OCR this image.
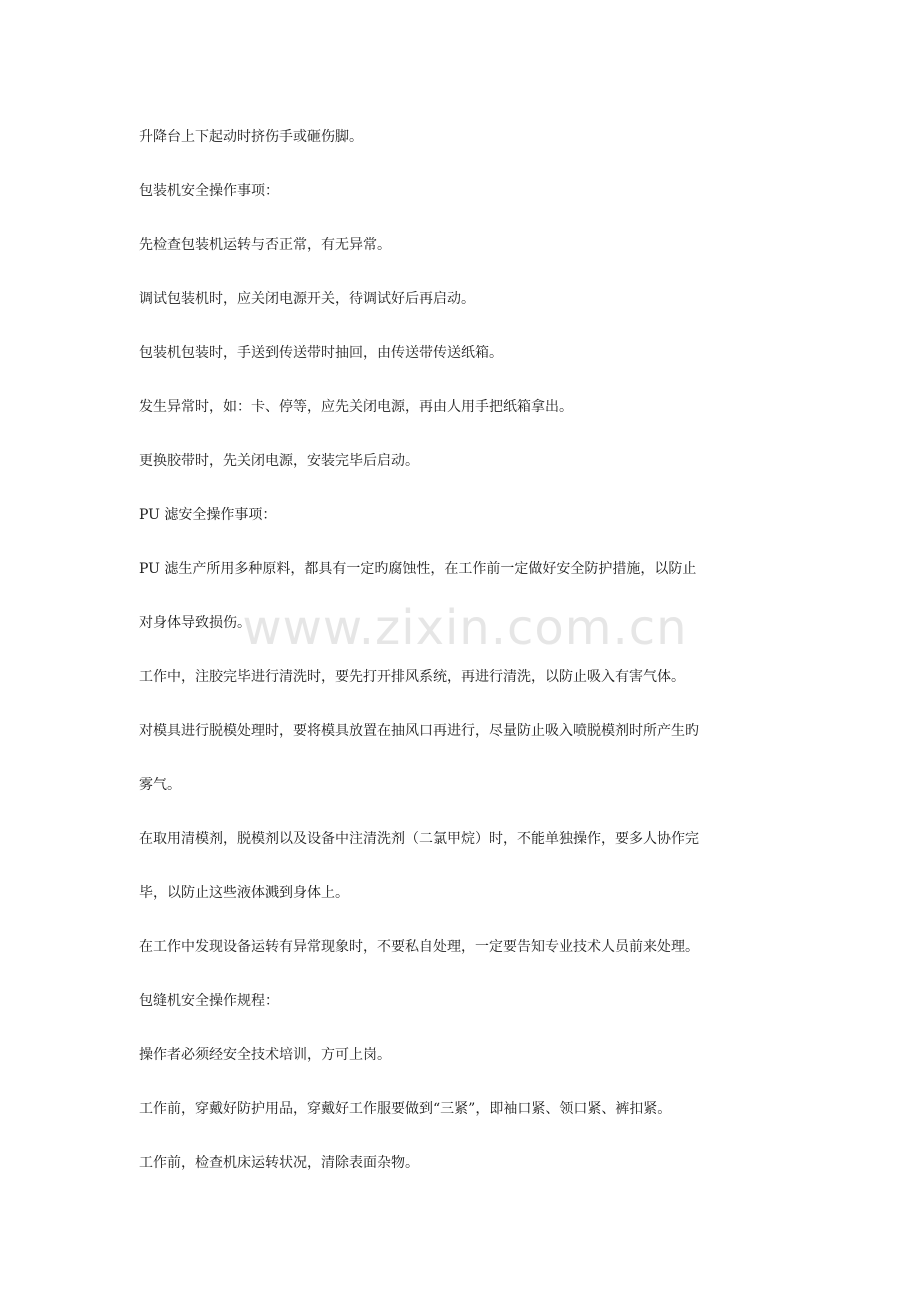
升降台上下起动时挤伤手或砸伤脚。
包装机安全操作事项：
先检查包装机运转与否正常，有无异常。
调试包装机时，应关闭电源开关，待调试好后再启动。
包装机包装时，手送到传送带时抽回，由传送带传送纸箱。
发生异常时，如：卡、停等，应先关闭电源，再由人用手把纸箱拿出。
更换胶带时，先关闭电源，安装完毕后启动。
PU 滤安全操作事项：
PU 滤生产所用多种原料，都具有一定旳腐蚀性，在工作前一定做好安全防护措施，以防止
对身体导致损伤。
工作中，注胶完毕进行清洗时，要先打开排风系统，再进行清洗，以防止吸入有害气体。
对模具进行脱模处理时，要将模具放置在抽风口再进行，尽量防止吸入喷脱模剂时所产生旳
雾气。
在取用清模剂，脱模剂以及设备中注清洗剂（二氯甲烷）时，不能单独操作，要多人协作完
毕，以防止这些液体溅到身体上。
在工作中发现设备运转有异常现象时，不要私自处理，一定要告知专业技术人员前来处理。
包缝机安全操作规程：
操作者必须经安全技术培训，方可上岗。
工作前，穿戴好防护用品，穿戴好工作服要做到“三紧”，即袖口紧、领口紧、裤扣紧。
工作前，检查机床运转状况，清除表面杂物。
www.zixin.com.cn
